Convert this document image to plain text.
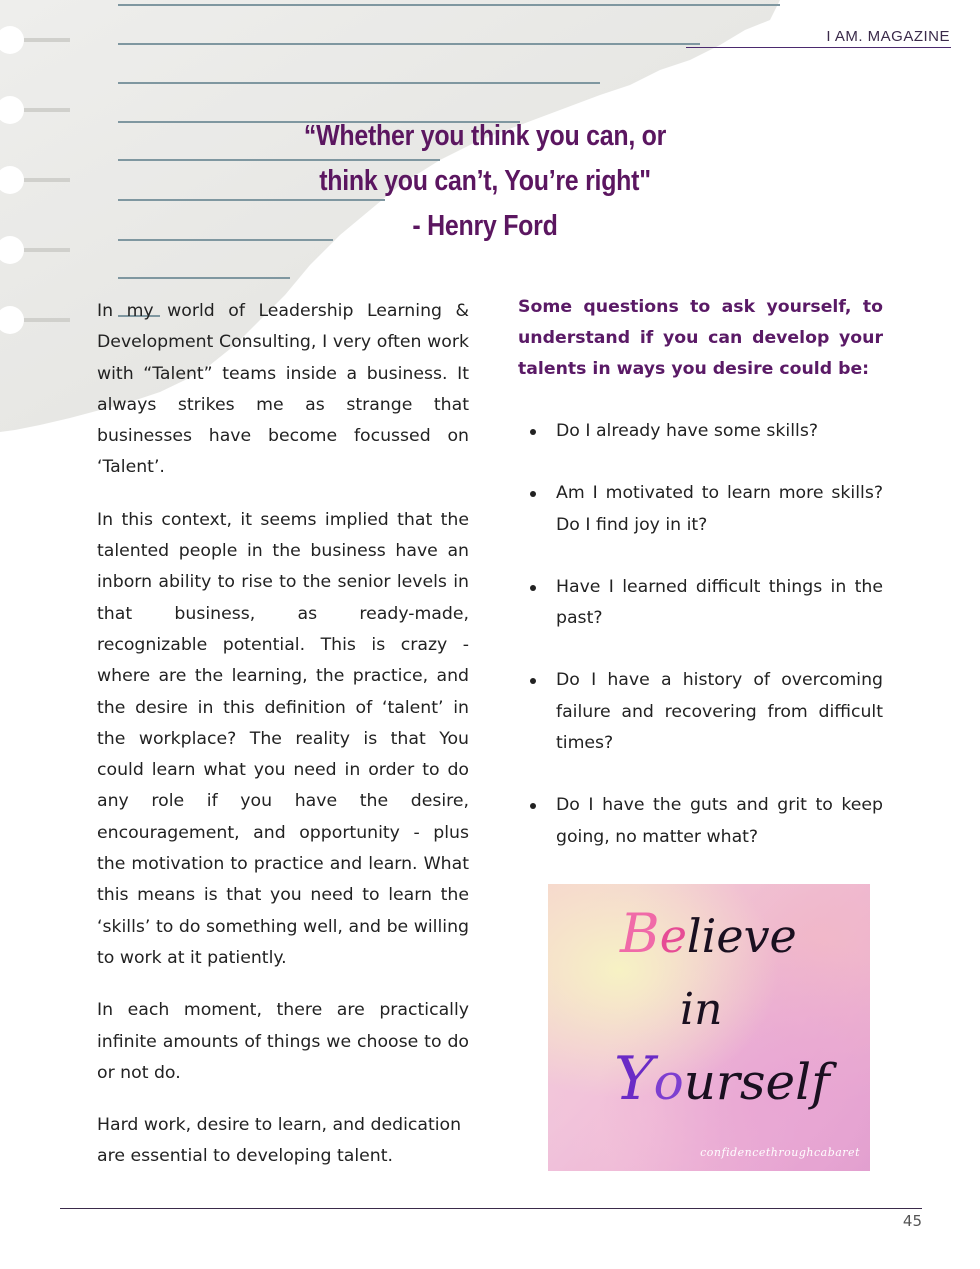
I AM. MAGAZINE
“Whether you think you can, or
think you can’t, You’re right"
- Henry Ford

In my world of Leadership Learning & Development Consulting, I very often work with “Talent” teams inside a business. It always strikes me as strange that businesses have become focussed on ‘Talent’.

In this context, it seems implied that the talented people in the business have an inborn ability to rise to the senior levels in that business, as ready-made, recognizable potential. This is crazy - where are the learning, the practice, and the desire in this definition of ‘talent’ in the workplace? The reality is that You could learn what you need in order to do any role if you have the desire, encouragement, and opportunity - plus the motivation to practice and learn. What this means is that you need to learn the ‘skills’ to do something well, and be willing to work at it patiently.

In each moment, there are practically infinite amounts of things we choose to do or not do.

Hard work, desire to learn, and dedication are essential to developing talent.

Some questions to ask yourself, to understand if you can develop your talents in ways you desire could be:

Do I already have some skills?
Am I motivated to learn more skills? Do I find joy in it?
Have I learned difficult things in the past?
Do I have a history of overcoming failure and recovering from difficult times?
Do I have the guts and grit to keep going, no matter what?
Believe
in
Yourself
confidencethroughcabaret
45
